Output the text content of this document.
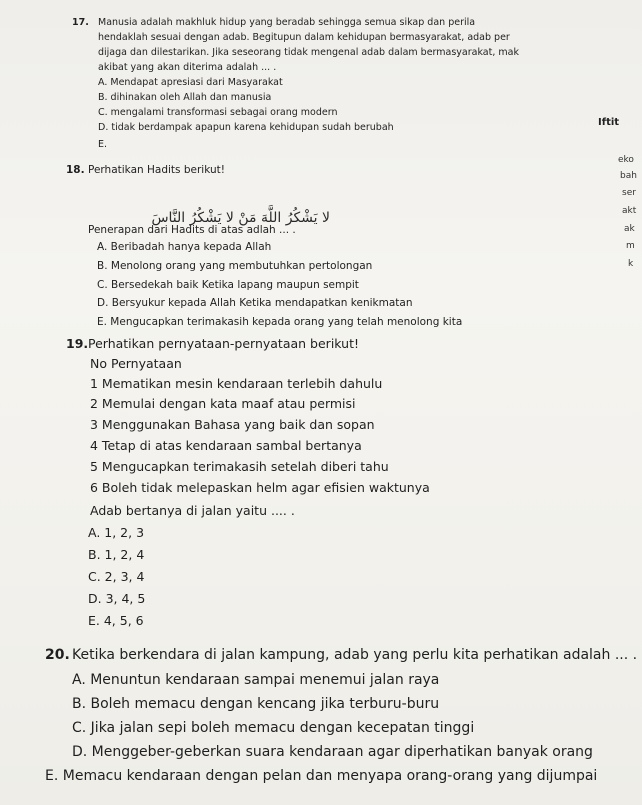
17. Manusia adalah makhluk hidup yang beradab sehingga semua sikap dan perila
hendaklah sesuai dengan adab. Begitupun dalam kehidupan bermasyarakat, adab per
dijaga dan dilestarikan. Jika seseorang tidak mengenal adab dalam bermasyarakat, mak
akibat yang akan diterima adalah ... .
A. Mendapat apresiasi dari Masyarakat
B. dihinakan oleh Allah dan manusia
C. mengalami transformasi sebagai orang modern
D. tidak berdampak apapun karena kehidupan sudah berubah
E.
18. Perhatikan Hadits berikut!
لا يَشْكُرُ اللَّهَ مَنْ لا يَشْكُرُ النَّاسَ
Penerapan dari Hadits di atas adlah ... .
A. Beribadah hanya kepada Allah
B. Menolong orang yang membutuhkan pertolongan
C. Bersedekah baik Ketika lapang maupun sempit
D. Bersyukur kepada Allah Ketika mendapatkan kenikmatan
E. Mengucapkan terimakasih kepada orang yang telah menolong kita
19. Perhatikan pernyataan-pernyataan berikut!
No Pernyataan
1 Mematikan mesin kendaraan terlebih dahulu
2 Memulai dengan kata maaf atau permisi
3 Menggunakan Bahasa yang baik dan sopan
4 Tetap di atas kendaraan sambal bertanya
5 Mengucapkan terimakasih setelah diberi tahu
6 Boleh tidak melepaskan helm agar efisien waktunya
Adab bertanya di jalan yaitu .... .
A. 1, 2, 3
B. 1, 2, 4
C. 2, 3, 4
D. 3, 4, 5
E. 4, 5, 6
20. Ketika berkendara di jalan kampung, adab yang perlu kita perhatikan adalah ... .
A. Menuntun kendaraan sampai menemui jalan raya
B. Boleh memacu dengan kencang jika terburu-buru
C. Jika jalan sepi boleh memacu dengan kecepatan tinggi
D. Menggeber-geberkan suara kendaraan agar diperhatikan banyak orang
E. Memacu kendaraan dengan pelan dan menyapa orang-orang yang dijumpai
Iftit
eko
bah
ser
akt
ak
m
k
